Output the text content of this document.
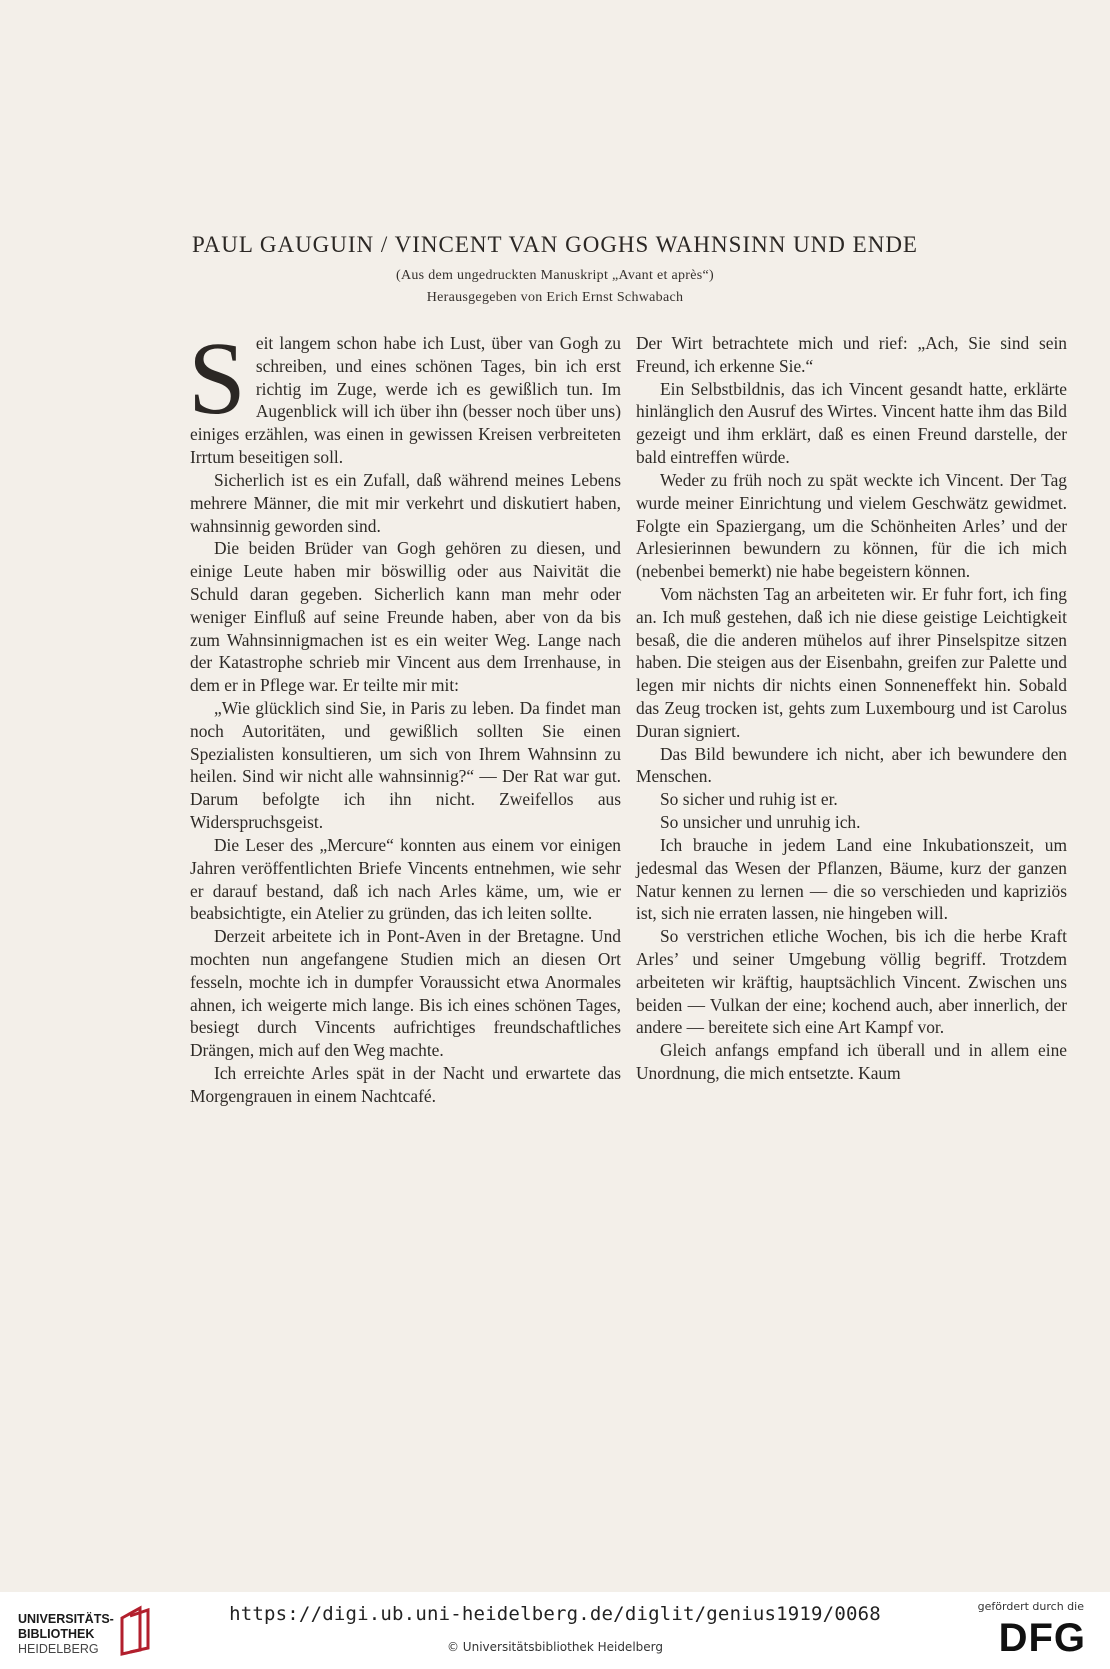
PAUL GAUGUIN / VINCENT VAN GOGHS WAHNSINN UND ENDE
(Aus dem ungedruckten Manuskript „Avant et après“)
Herausgegeben von Erich Ernst Schwabach

Seit langem schon habe ich Lust, über van Gogh zu schreiben, und eines schönen Tages, bin ich erst richtig im Zuge, werde ich es gewißlich tun. Im Augenblick will ich über ihn (besser noch über uns) einiges erzählen, was einen in gewissen Kreisen verbreiteten Irrtum beseitigen soll.

Sicherlich ist es ein Zufall, daß während meines Lebens mehrere Männer, die mit mir verkehrt und diskutiert haben, wahnsinnig geworden sind.

Die beiden Brüder van Gogh gehören zu diesen, und einige Leute haben mir böswillig oder aus Naivität die Schuld daran gegeben. Sicherlich kann man mehr oder weniger Einfluß auf seine Freunde haben, aber von da bis zum Wahnsinnigmachen ist es ein weiter Weg. Lange nach der Katastrophe schrieb mir Vincent aus dem Irrenhause, in dem er in Pflege war. Er teilte mir mit:

„Wie glücklich sind Sie, in Paris zu leben. Da findet man noch Autoritäten, und gewißlich sollten Sie einen Spezialisten konsultieren, um sich von Ihrem Wahnsinn zu heilen. Sind wir nicht alle wahnsinnig?“ — Der Rat war gut. Darum befolgte ich ihn nicht. Zweifellos aus Widerspruchsgeist.

Die Leser des „Mercure“ konnten aus einem vor einigen Jahren veröffentlichten Briefe Vincents entnehmen, wie sehr er darauf bestand, daß ich nach Arles käme, um, wie er beabsichtigte, ein Atelier zu gründen, das ich leiten sollte.

Derzeit arbeitete ich in Pont-Aven in der Bretagne. Und mochten nun angefangene Studien mich an diesen Ort fesseln, mochte ich in dumpfer Voraussicht etwa Anormales ahnen, ich weigerte mich lange. Bis ich eines schönen Tages, besiegt durch Vincents aufrichtiges freundschaftliches Drängen, mich auf den Weg machte.

Ich erreichte Arles spät in der Nacht und erwartete das Morgengrauen in einem Nachtcafé.

Der Wirt betrachtete mich und rief: „Ach, Sie sind sein Freund, ich erkenne Sie.“

Ein Selbstbildnis, das ich Vincent gesandt hatte, erklärte hinlänglich den Ausruf des Wirtes. Vincent hatte ihm das Bild gezeigt und ihm erklärt, daß es einen Freund darstelle, der bald eintreffen würde.

Weder zu früh noch zu spät weckte ich Vincent. Der Tag wurde meiner Einrichtung und vielem Geschwätz gewidmet. Folgte ein Spaziergang, um die Schönheiten Arles’ und der Arlesierinnen bewundern zu können, für die ich mich (nebenbei bemerkt) nie habe begeistern können.

Vom nächsten Tag an arbeiteten wir. Er fuhr fort, ich fing an. Ich muß gestehen, daß ich nie diese geistige Leichtigkeit besaß, die die anderen mühelos auf ihrer Pinselspitze sitzen haben. Die steigen aus der Eisenbahn, greifen zur Palette und legen mir nichts dir nichts einen Sonneneffekt hin. Sobald das Zeug trocken ist, gehts zum Luxembourg und ist Carolus Duran signiert.

Das Bild bewundere ich nicht, aber ich bewundere den Menschen.

So sicher und ruhig ist er.

So unsicher und unruhig ich.

Ich brauche in jedem Land eine Inkubationszeit, um jedesmal das Wesen der Pflanzen, Bäume, kurz der ganzen Natur kennen zu lernen — die so verschieden und kapriziös ist, sich nie erraten lassen, nie hingeben will.

So verstrichen etliche Wochen, bis ich die herbe Kraft Arles’ und seiner Umgebung völlig begriff. Trotzdem arbeiteten wir kräftig, hauptsächlich Vincent. Zwischen uns beiden — Vulkan der eine; kochend auch, aber innerlich, der andere — bereitete sich eine Art Kampf vor.

Gleich anfangs empfand ich überall und in allem eine Unordnung, die mich entsetzte. Kaum

UNIVERSITÄTS-
BIBLIOTHEK
HEIDELBERG
https://digi.ub.uni-heidelberg.de/diglit/genius1919/0068
© Universitätsbibliothek Heidelberg
gefördert durch die
DFG
